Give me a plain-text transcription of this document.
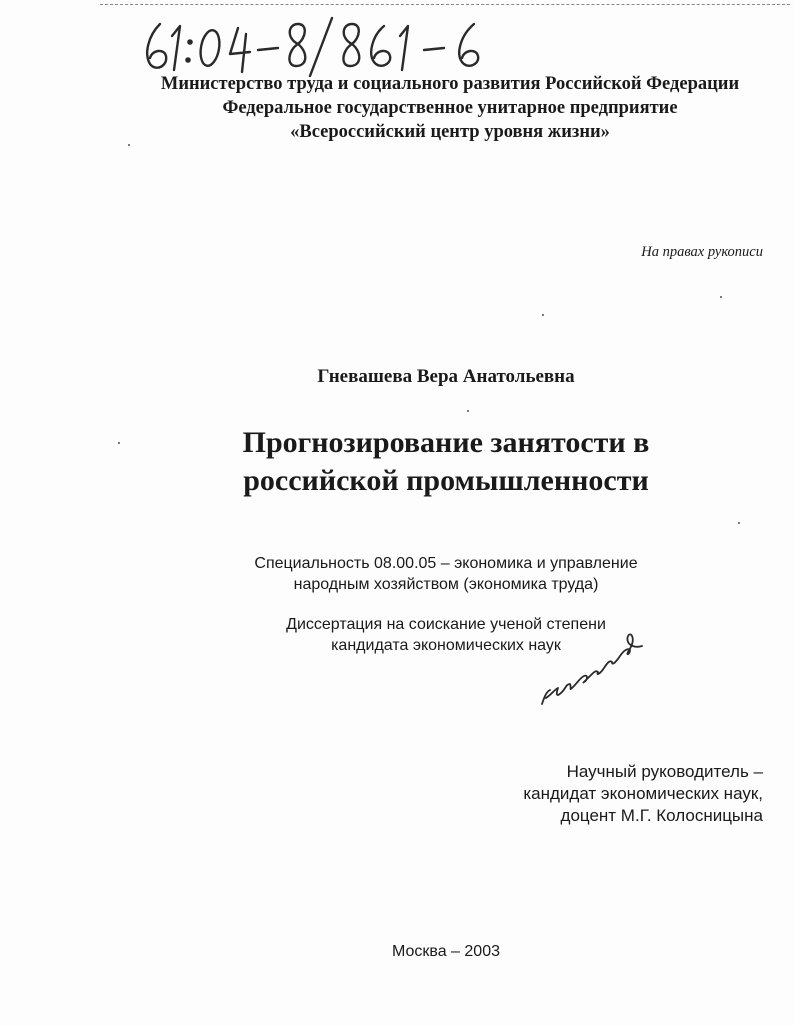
Министерство труда и социального развития Российской Федерации
Федеральное государственное унитарное предприятие
«Всероссийский центр уровня жизни»
На правах рукописи
Гневашева Вера Анатольевна
Прогнозирование занятости в
российской промышленности
Специальность 08.00.05 – экономика и управление
народным хозяйством (экономика труда)
Диссертация на соискание ученой степени
кандидата экономических наук
Научный руководитель –
кандидат экономических наук,
доцент М.Г. Колосницына
Москва – 2003
